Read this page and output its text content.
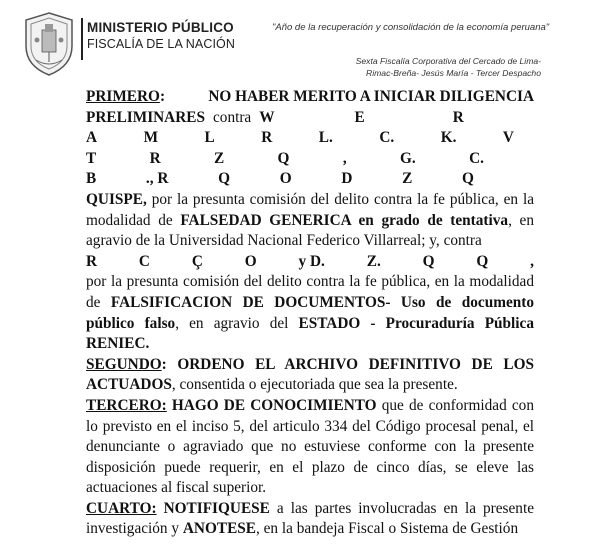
MINISTERIO PÚBLICO
FISCALÍA DE LA NACIÓN
"Año de la recuperación y consolidación de la economía peruana"
Sexta Fiscalía Corporativa del Cercado de Lima-
Rimac-Breña- Jesús María - Tercer Despacho
PRIMERO:	NO HABER MERITO A INICIAR DILIGENCIA
PRELIMINARES contra W	E	R
A	M	L	R	L.	C.	K.	V
T	R	Z	Q	,	G.	C.
B	., R	Q	O	D	Z	Q

QUISPE, por la presunta comisión del delito contra la fe pública, en la modalidad de FALSEDAD GENERICA en grado de tentativa, en agravio de la Universidad Nacional Federico Villarreal; y, contra

R	C	Ç	O	y D.	Z.	Q	Q	,

por la presunta comisión del delito contra la fe pública, en la modalidad de FALSIFICACION DE DOCUMENTOS- Uso de documento público falso, en agravio del ESTADO - Procuraduría Pública RENIEC.

SEGUNDO: ORDENO EL ARCHIVO DEFINITIVO DE LOS ACTUADOS, consentida o ejecutoriada que sea la presente.

TERCERO: HAGO DE CONOCIMIENTO que de conformidad con lo previsto en el inciso 5, del articulo 334 del Código procesal penal, el denunciante o agraviado que no estuviese conforme con la presente disposición puede requerir, en el plazo de cinco días, se eleve las actuaciones al fiscal superior.

CUARTO: NOTIFIQUESE a las partes involucradas en la presente investigación y ANOTESE, en la bandeja Fiscal o Sistema de Gestión
